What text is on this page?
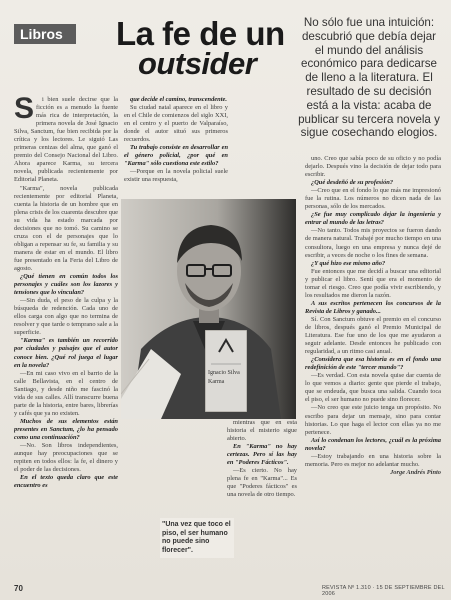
Libros	La fe de un
outsider
No sólo fue una intuición: descubrió que debía dejar el mundo del análisis económico para dedicarse de lleno a la literatura. El resultado de su decisión está a la vista: acaba de publicar su tercera novela y sigue cosechando elogios.
S	i bien suele decirse que la ficción es a menudo la fuente más rica de interpretación, la primera novela de José Ignacio Silva, Sanctum, fue bien recibida por la crítica y los lectores. Le siguió Las primeras cenizas del alma, que ganó el premio del Consejo Nacional del Libro. Ahora aparece Karma, su tercera novela, publicada recientemente por Editorial Planeta.

"Karma", novela publicada recientemente por editorial Planeta, cuenta la historia de un hombre que en plena crisis de los cuarenta descubre que su vida ha estado marcada por decisiones que no tomó. Su camino se cruza con el de personajes que lo obligan a repensar su fe, su familia y su manera de estar en el mundo. El libro fue presentado en la Feria del Libro de agosto.

¿Qué tienen en común todos los personajes y cuáles son los lazores y tensiones que lo vinculan?

—Sin duda, el peso de la culpa y la búsqueda de redención. Cada uno de ellos carga con algo que no termina de resolver y que tarde o temprano sale a la superficie.

"Karma" es también un recorrido por ciudades y paisajes que el autor conoce bien. ¿Qué rol juega el lugar en la novela?

—En mi caso vivo en el barrio de la calle Bellavista, en el centro de Santiago, y desde niño me fascinó la vida de sus calles. Allí transcurre buena parte de la historia, entre bares, librerías y cafés que ya no existen.

Muchos de sus elementos están presentes en Sanctum, ¿lo ha pensado como una continuación?

—No. Son libros independientes, aunque hay preocupaciones que se repiten en todos ellos: la fe, el dinero y el poder de las decisiones.

En el texto queda claro que este encuentro es

que decide el camino, transcendente.

Su ciudad natal aparece en el libro y en el Chile de comienzos del siglo XXI, en el centro y el puerto de Valparaíso, donde el autor situó sus primeros recuerdos.

Tu trabajo consiste en desarrollar en el género policial, ¿por qué en "Karma" sólo cuestiona este estilo?

—Porque en la novela policial suele existir una respuesta,

Ignacio Silva
Karma
"Una vez que toco el piso, el ser humano no puede sino florecer".

mientras que en esta historia el misterio sigue abierto.

En "Karma" no hay certezas. Pero sí las hay en "Poderes Fácticos".

—Es cierto. No hay plena fe en "Karma"... Es que "Poderes fácticos" es una novela de otro tiempo.

uno. Creo que sabía poco de su oficio y no podía dejarlo. Después vino la decisión de dejar todo para escribir.

¿Qué desdeñó de su profesión?

—Creo que en el fondo lo que más me impresionó fue la rutina. Los números no dicen nada de las personas, sólo de los mercados.

¿Se fue muy complicado dejar la ingeniería y entrar al mundo de las letras?

—No tanto. Todos mis proyectos se fueron dando de manera natural. Trabajé por mucho tiempo en una consultora, luego en una empresa y nunca dejé de escribir, a veces de noche o los fines de semana.

¿Y qué hizo ese mismo año?

Fue entonces que me decidí a buscar una editorial y publicar el libro. Sentí que era el momento de tomar el riesgo. Creo que podía vivir escribiendo, y los resultados me dieron la razón.

A sus escritos pertenecen los concursos de la Revista de Libros y ganado...

Sí. Con Sanctum obtuve el premio en el concurso de libros, después ganó el Premio Municipal de Literatura. Ese fue uno de los que me ayudaron a seguir adelante. Desde entonces he publicado con regularidad, a un ritmo casi anual.

¿Considera que esa historia es en el fondo una redefinición de este "tercer mundo"?

—Es verdad. Con esta novela quise dar cuenta de lo que vemos a diario: gente que pierde el trabajo, que se endeuda, que busca una salida. Cuando toca el piso, el ser humano no puede sino florecer.

—No creo que este juicio tenga un propósito. No escribo para dejar un mensaje, sino para contar historias. Lo que haga el lector con ellas ya no me pertenece.

Así lo condenan los lectores, ¿cuál es la próxima novela?

—Estoy trabajando en una historia sobre la memoria. Pero es mejor no adelantar mucho.

Jorge Andrés Pinto

70	REVISTA Nº 1.310 · 15 DE SEPTIEMBRE DEL 2006
